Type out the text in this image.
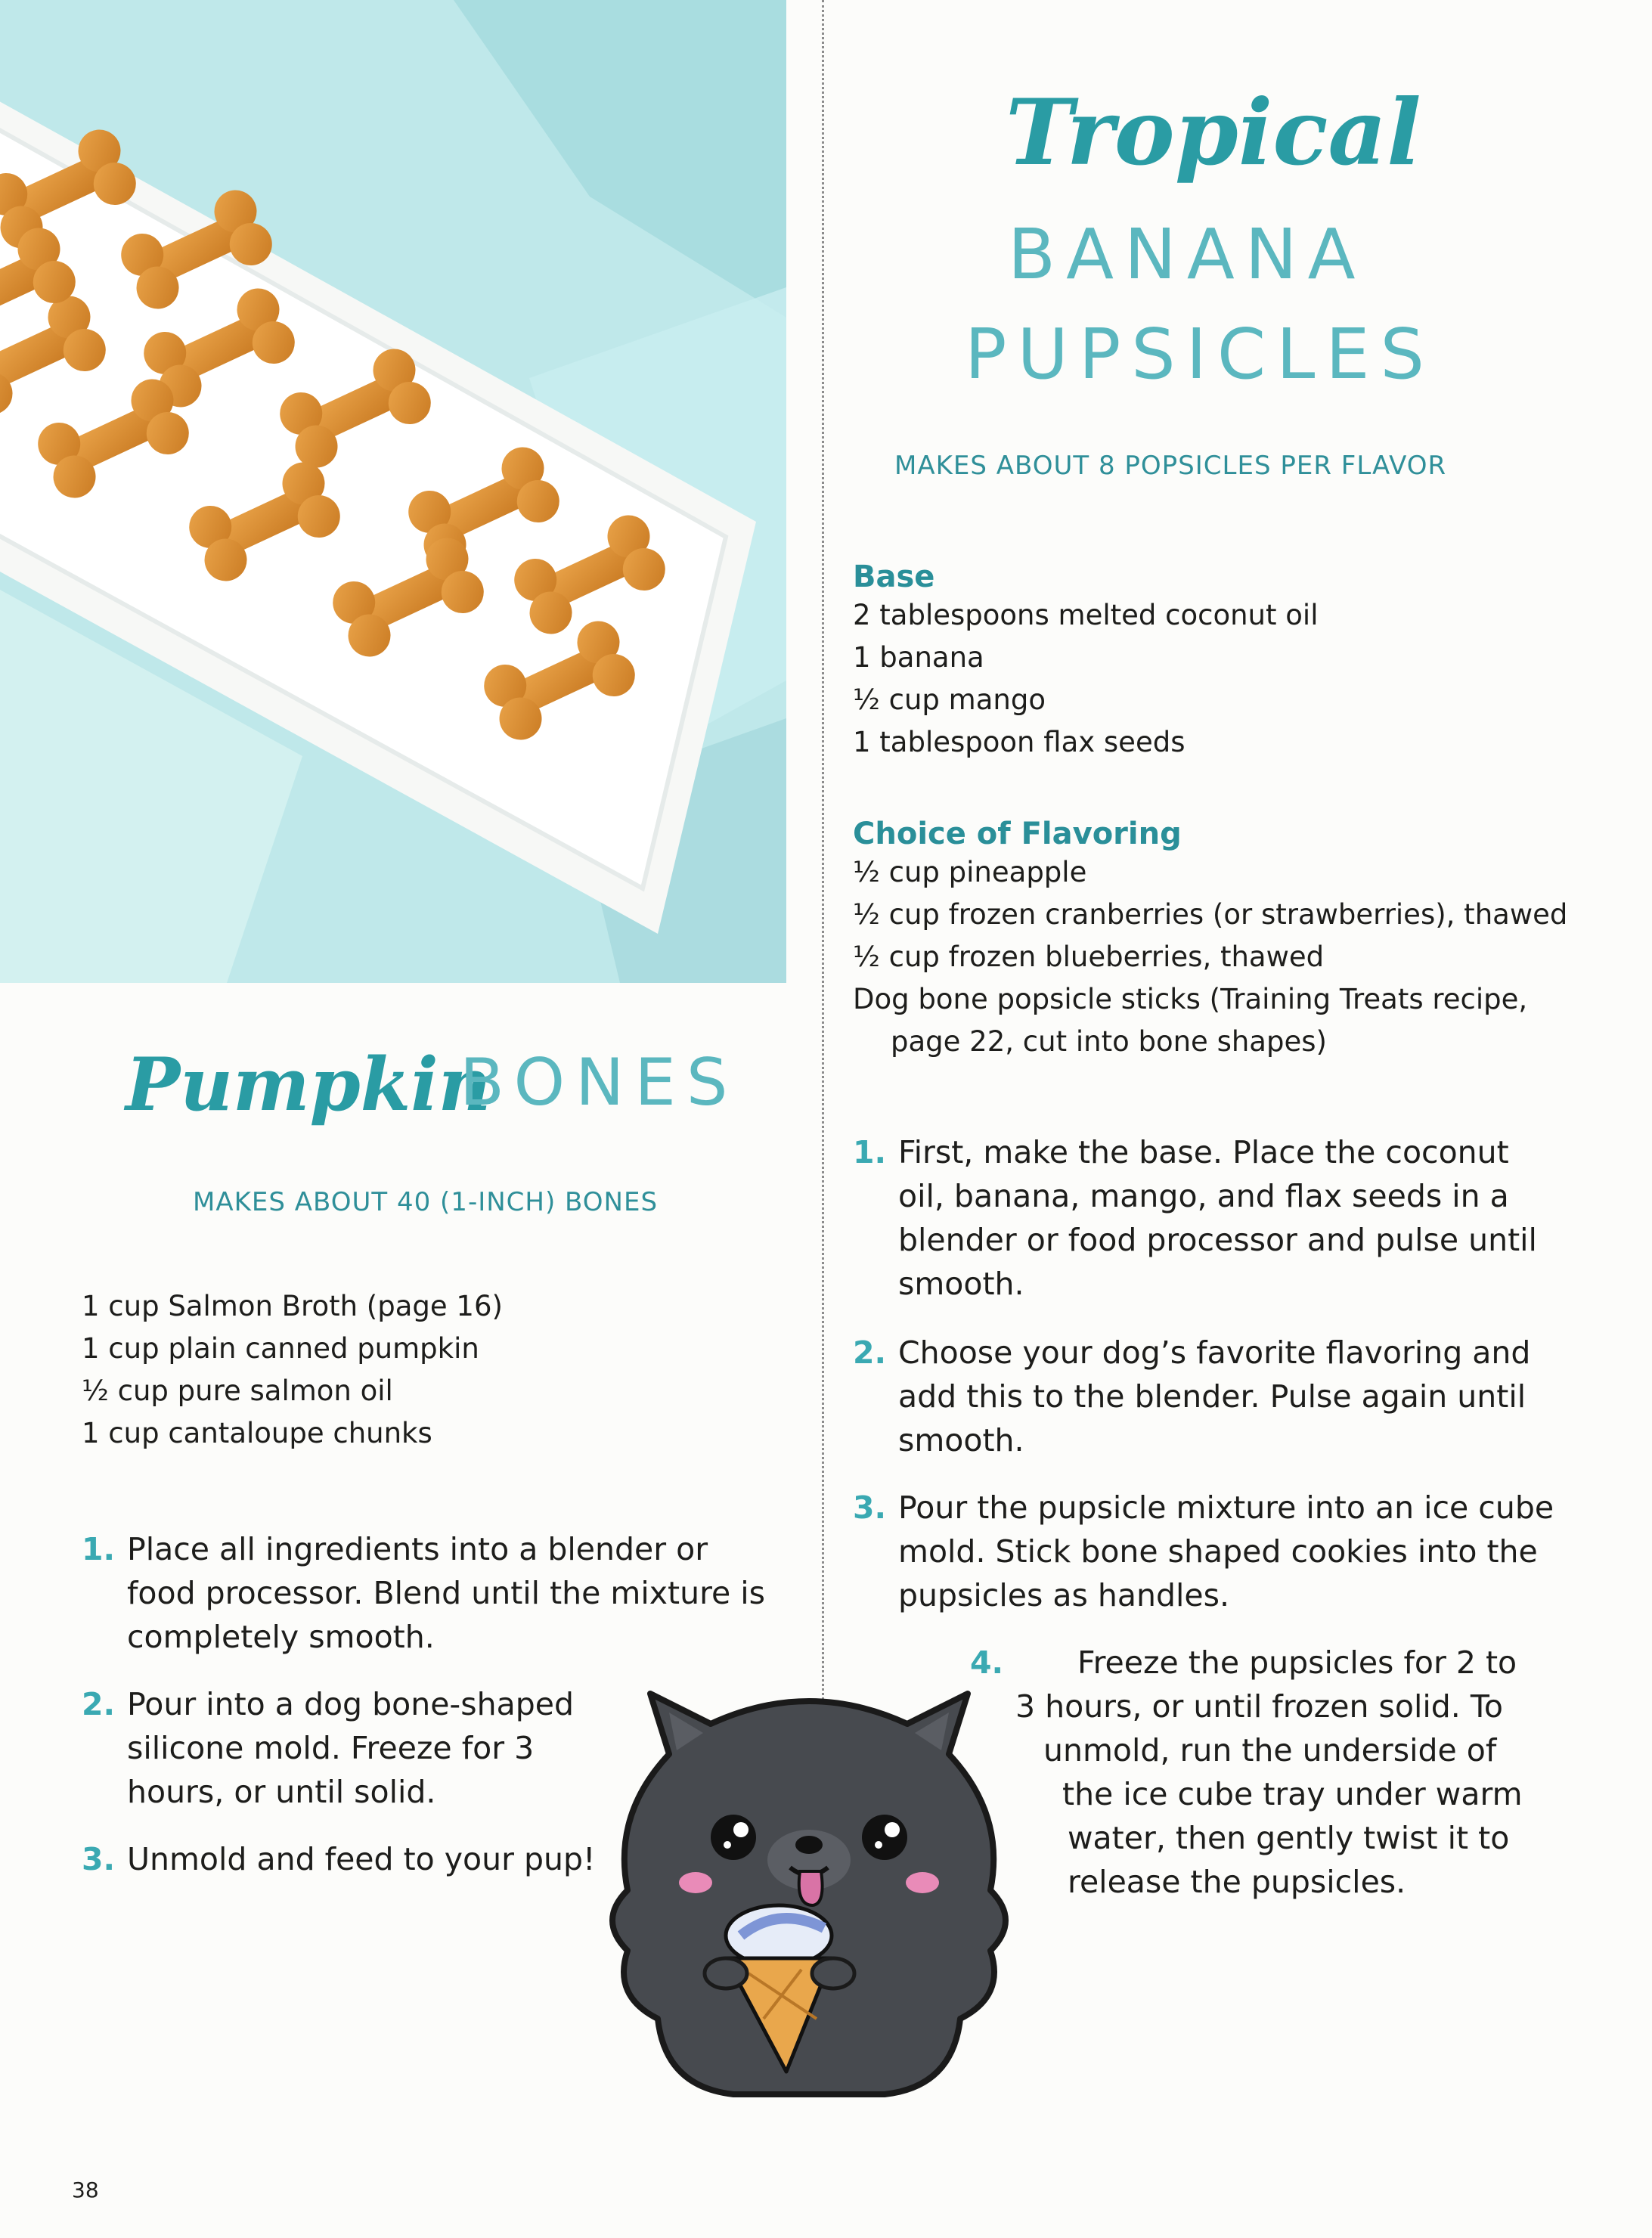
Tropical
BANANA
PUPSICLES
MAKES ABOUT 8 POPSICLES PER FLAVOR
Base
2 tablespoons melted coconut oil
1 banana
½ cup mango
1 tablespoon flax seeds
Choice of Flavoring
½ cup pineapple
½ cup frozen cranberries (or strawberries), thawed
½ cup frozen blueberries, thawed
Dog bone popsicle sticks (Training Treats recipe,
page 22, cut into bone shapes)
1. First, make the base. Place the coconut
oil, banana, mango, and flax seeds in a
blender or food processor and pulse until
smooth.
2. Choose your dog’s favorite flavoring and
add this to the blender. Pulse again until
smooth.
3. Pour the pupsicle mixture into an ice cube
mold. Stick bone shaped cookies into the
pupsicles as handles.
4. Freeze the pupsicles for 2 to
3 hours, or until frozen solid. To
unmold, run the underside of
the ice cube tray under warm
water, then gently twist it to
release the pupsicles.
Pumpkin
BONES
MAKES ABOUT 40 (1-INCH) BONES
1 cup Salmon Broth (page 16)
1 cup plain canned pumpkin
½ cup pure salmon oil
1 cup cantaloupe chunks
1. Place all ingredients into a blender or
food processor. Blend until the mixture is
completely smooth.
2. Pour into a dog bone-shaped
silicone mold. Freeze for 3
hours, or until solid.
3. Unmold and feed to your pup!
38
